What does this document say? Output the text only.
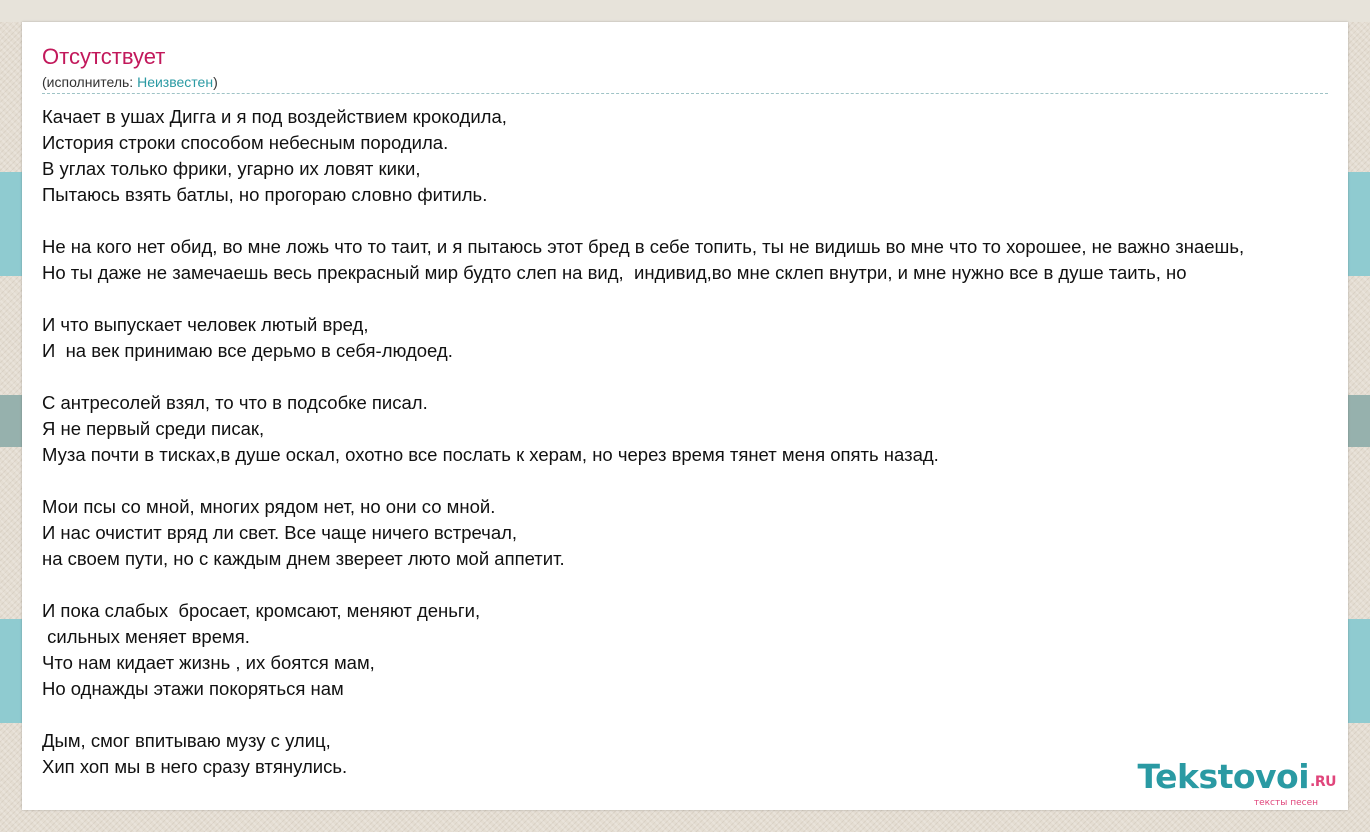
Отсутствует
(исполнитель: Неизвестен)
Качает в ушах Дигга и я под воздействием крокодила,
История строки способом небесным породила.
В углах только фрики, угарно их ловят кики,
Пытаюсь взять батлы, но прогораю словно фитиль.
Не на кого нет обид, во мне ложь что то таит, и я пытаюсь этот бред в себе топить, ты не видишь во мне что то хорошее, не важно знаешь,
Но ты даже не замечаешь весь прекрасный мир будто слеп на вид,  индивид,во мне склеп внутри, и мне нужно все в душе таить, но
И что выпускает человек лютый вред,
И  на век принимаю все дерьмо в себя-людоед.
С антресолей взял, то что в подсобке писал.
Я не первый среди писак,
Муза почти в тисках,в душе оскал, охотно все послать к херам, но через время тянет меня опять назад.
Мои псы со мной, многих рядом нет, но они со мной.
И нас очистит вряд ли свет. Все чаще ничего встречал,
на своем пути, но с каждым днем звереет люто мой аппетит.
И пока слабых  бросает, кромсают, меняют деньги,
сильных меняет время.
Что нам кидает жизнь , их боятся мам,
Но однажды этажи покоряться нам
Дым, смог впитываю музу с улиц,
Хип хоп мы в него сразу втянулись.	Tekstovoi.RU
тексты песен
